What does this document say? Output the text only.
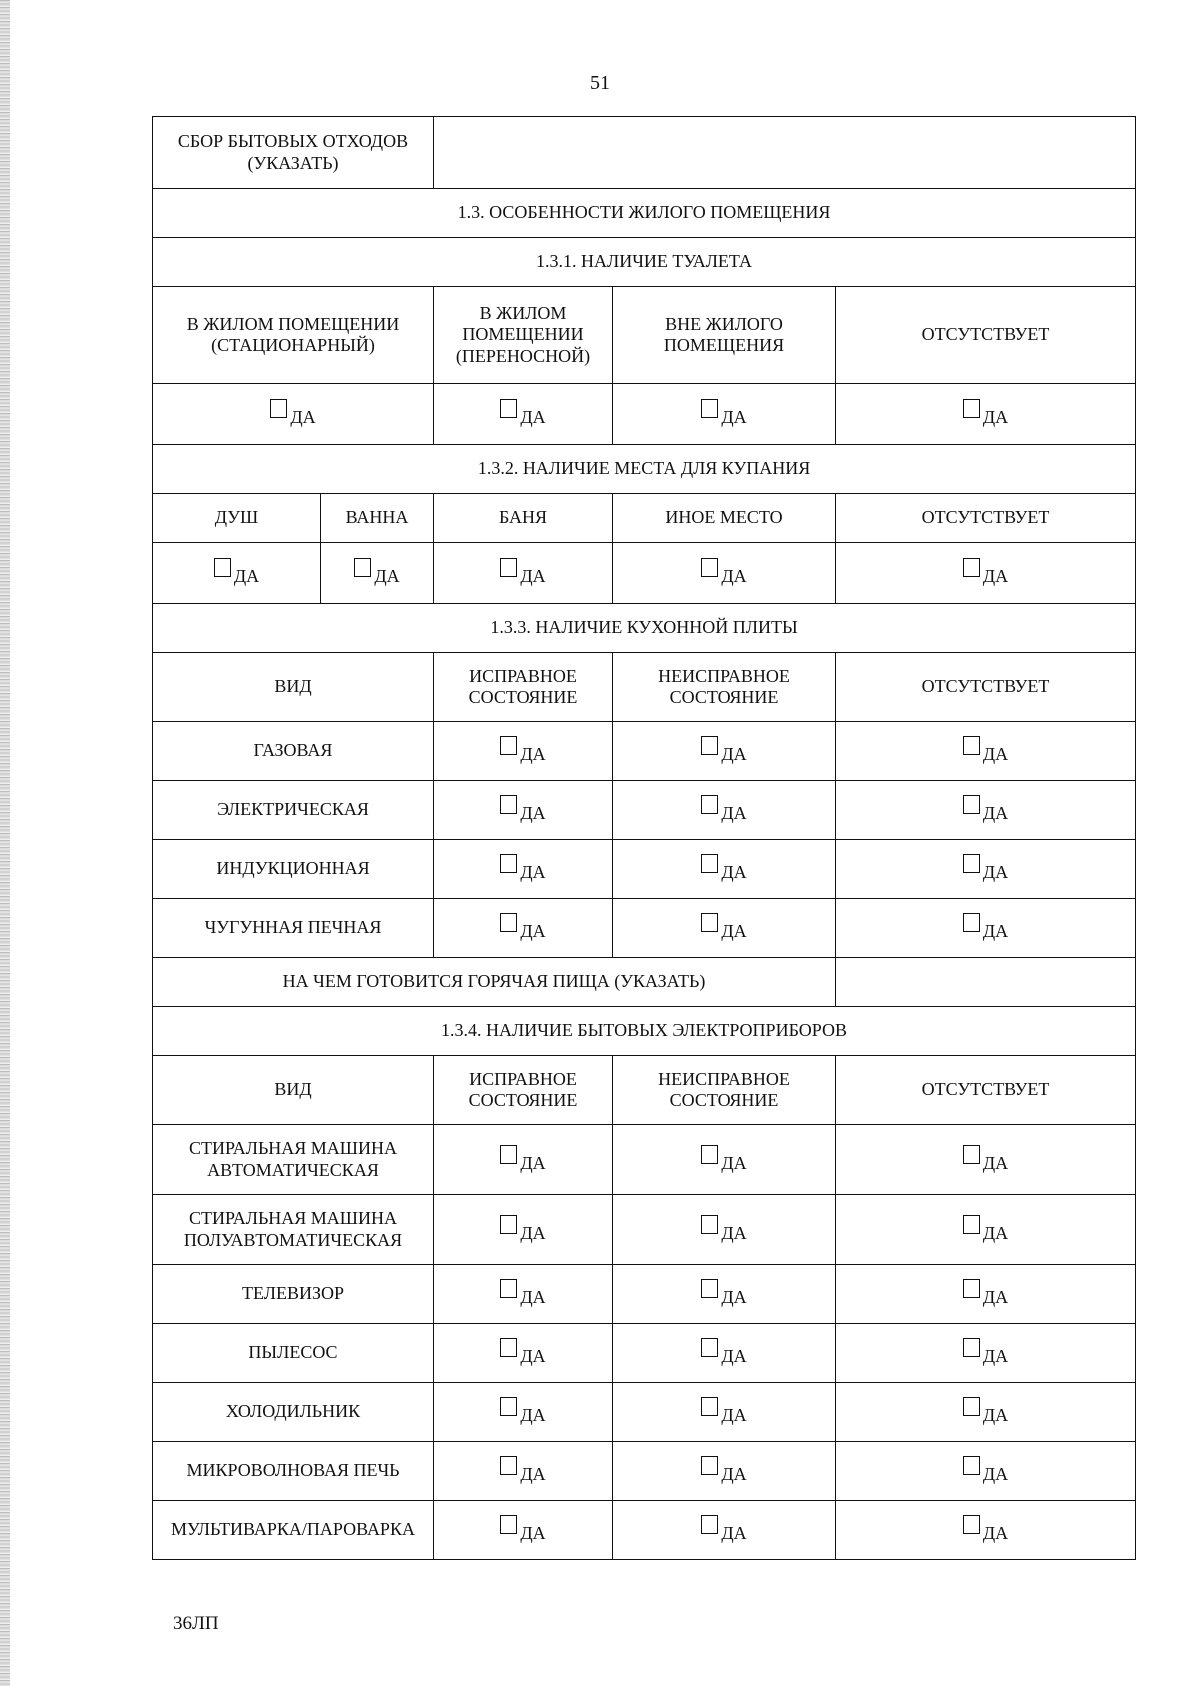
51
СБОР БЫТОВЫХ ОТХОДОВ (УКАЗАТЬ)				
1.3. ОСОБЕННОСТИ ЖИЛОГО ПОМЕЩЕНИЯ				
1.3.1. НАЛИЧИЕ ТУАЛЕТА				
В ЖИЛОМ ПОМЕЩЕНИИ (СТАЦИОНАРНЫЙ)		В ЖИЛОМ ПОМЕЩЕНИИ (ПЕРЕНОСНОЙ)	ВНЕ ЖИЛОГО ПОМЕЩЕНИЯ	ОТСУТСТВУЕТ
ДА		ДА	ДА	ДА
1.3.2. НАЛИЧИЕ МЕСТА ДЛЯ КУПАНИЯ				
ДУШ	ВАННА	БАНЯ	ИНОЕ МЕСТО	ОТСУТСТВУЕТ
ДА	ДА	ДА	ДА	ДА
1.3.3. НАЛИЧИЕ КУХОННОЙ ПЛИТЫ				
ВИД		ИСПРАВНОЕ СОСТОЯНИЕ	НЕИСПРАВНОЕ СОСТОЯНИЕ	ОТСУТСТВУЕТ
ГАЗОВАЯ		ДА	ДА	ДА
ЭЛЕКТРИЧЕСКАЯ		ДА	ДА	ДА
ИНДУКЦИОННАЯ		ДА	ДА	ДА
ЧУГУННАЯ ПЕЧНАЯ		ДА	ДА	ДА
НА ЧЕМ ГОТОВИТСЯ ГОРЯЧАЯ ПИЩА (УКАЗАТЬ)				
1.3.4. НАЛИЧИЕ БЫТОВЫХ ЭЛЕКТРОПРИБОРОВ				
ВИД		ИСПРАВНОЕ СОСТОЯНИЕ	НЕИСПРАВНОЕ СОСТОЯНИЕ	ОТСУТСТВУЕТ
СТИРАЛЬНАЯ МАШИНА АВТОМАТИЧЕСКАЯ		ДА	ДА	ДА
СТИРАЛЬНАЯ МАШИНА ПОЛУАВТОМАТИЧЕСКАЯ		ДА	ДА	ДА
ТЕЛЕВИЗОР		ДА	ДА	ДА
ПЫЛЕСОС		ДА	ДА	ДА
ХОЛОДИЛЬНИК		ДА	ДА	ДА
МИКРОВОЛНОВАЯ ПЕЧЬ		ДА	ДА	ДА
МУЛЬТИВАРКА/ПАРОВАРКА		ДА	ДА	ДА
36ЛП
